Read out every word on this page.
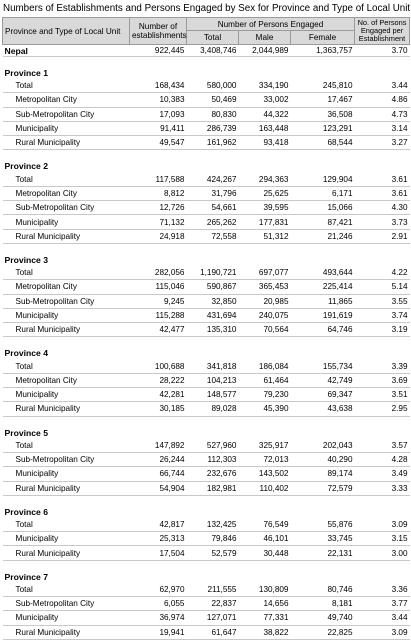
Numbers of Establishments and Persons Engaged by Sex for Province and Type of Local Unit
Province and Type of Local Unit	Number of establishments	Number of Persons Engaged			No. of Persons Engaged per Establishment
		Total	Male	Female	
Nepal	922,445	3,408,746	2,044,989	1,363,757	3.70

Province 1					
Total	168,434	580,000	334,190	245,810	3.44
Metropolitan City	10,383	50,469	33,002	17,467	4.86
Sub-Metropolitan City	17,093	80,830	44,322	36,508	4.73
Municipality	91,411	286,739	163,448	123,291	3.14
Rural Municipality	49,547	161,962	93,418	68,544	3.27

Province 2					
Total	117,588	424,267	294,363	129,904	3.61
Metropolitan City	8,812	31,796	25,625	6,171	3.61
Sub-Metropolitan City	12,726	54,661	39,595	15,066	4.30
Municipality	71,132	265,262	177,831	87,421	3.73
Rural Municipality	24,918	72,558	51,312	21,246	2.91

Province 3					
Total	282,056	1,190,721	697,077	493,644	4.22
Metropolitan City	115,046	590,867	365,453	225,414	5.14
Sub-Metropolitan City	9,245	32,850	20,985	11,865	3.55
Municipality	115,288	431,694	240,075	191,619	3.74
Rural Municipality	42,477	135,310	70,564	64,746	3.19

Province 4					
Total	100,688	341,818	186,084	155,734	3.39
Metropolitan City	28,222	104,213	61,464	42,749	3.69
Municipality	42,281	148,577	79,230	69,347	3.51
Rural Municipality	30,185	89,028	45,390	43,638	2.95

Province 5					
Total	147,892	527,960	325,917	202,043	3.57
Sub-Metropolitan City	26,244	112,303	72,013	40,290	4.28
Municipality	66,744	232,676	143,502	89,174	3.49
Rural Municipality	54,904	182,981	110,402	72,579	3.33

Province 6					
Total	42,817	132,425	76,549	55,876	3.09
Municipality	25,313	79,846	46,101	33,745	3.15
Rural Municipality	17,504	52,579	30,448	22,131	3.00

Province 7					
Total	62,970	211,555	130,809	80,746	3.36
Sub-Metropolitan City	6,055	22,837	14,656	8,181	3.77
Municipality	36,974	127,071	77,331	49,740	3.44
Rural Municipality	19,941	61,647	38,822	22,825	3.09
